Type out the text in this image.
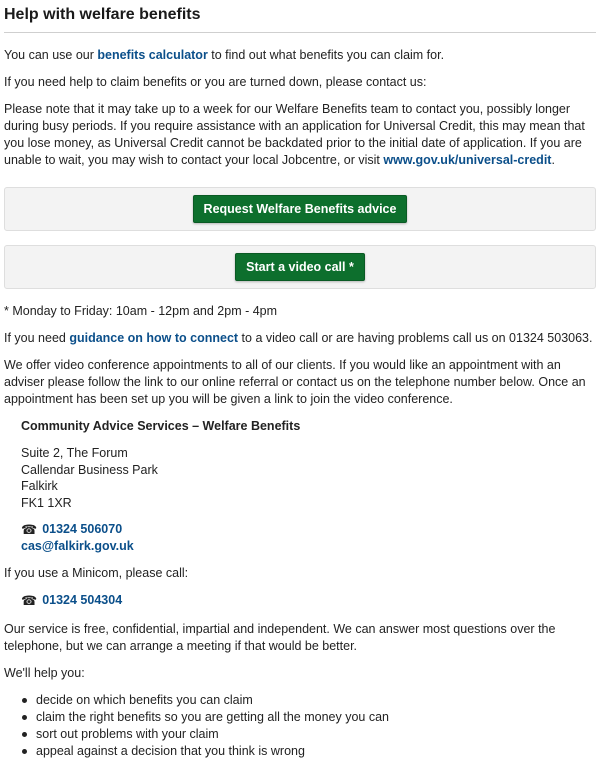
Help with welfare benefits

You can use our benefits calculator to find out what benefits you can claim for.

If you need help to claim benefits or you are turned down, please contact us:

Please note that it may take up to a week for our Welfare Benefits team to contact you, possibly longer during busy periods. If you require assistance with an application for Universal Credit, this may mean that you lose money, as Universal Credit cannot be backdated prior to the initial date of application. If you are unable to wait, you may wish to contact your local Jobcentre, or visit www.gov.uk/universal-credit.

Request Welfare Benefits advice
Start a video call *

* Monday to Friday: 10am - 12pm and 2pm - 4pm

If you need guidance on how to connect to a video call or are having problems call us on 01324 503063.

We offer video conference appointments to all of our clients. If you would like an appointment with an adviser please follow the link to our online referral or contact us on the telephone number below. Once an appointment has been set up you will be given a link to join the video conference.

Community Advice Services – Welfare Benefits
Suite 2, The Forum
Callendar Business Park
Falkirk
FK1 1XR
☎ 01324 506070
cas@falkirk.gov.uk

If you use a Minicom, please call:

☎ 01324 504304

Our service is free, confidential, impartial and independent. We can answer most questions over the telephone, but we can arrange a meeting if that would be better.

We'll help you:

decide on which benefits you can claim
claim the right benefits so you are getting all the money you can
sort out problems with your claim
appeal against a decision that you think is wrong
